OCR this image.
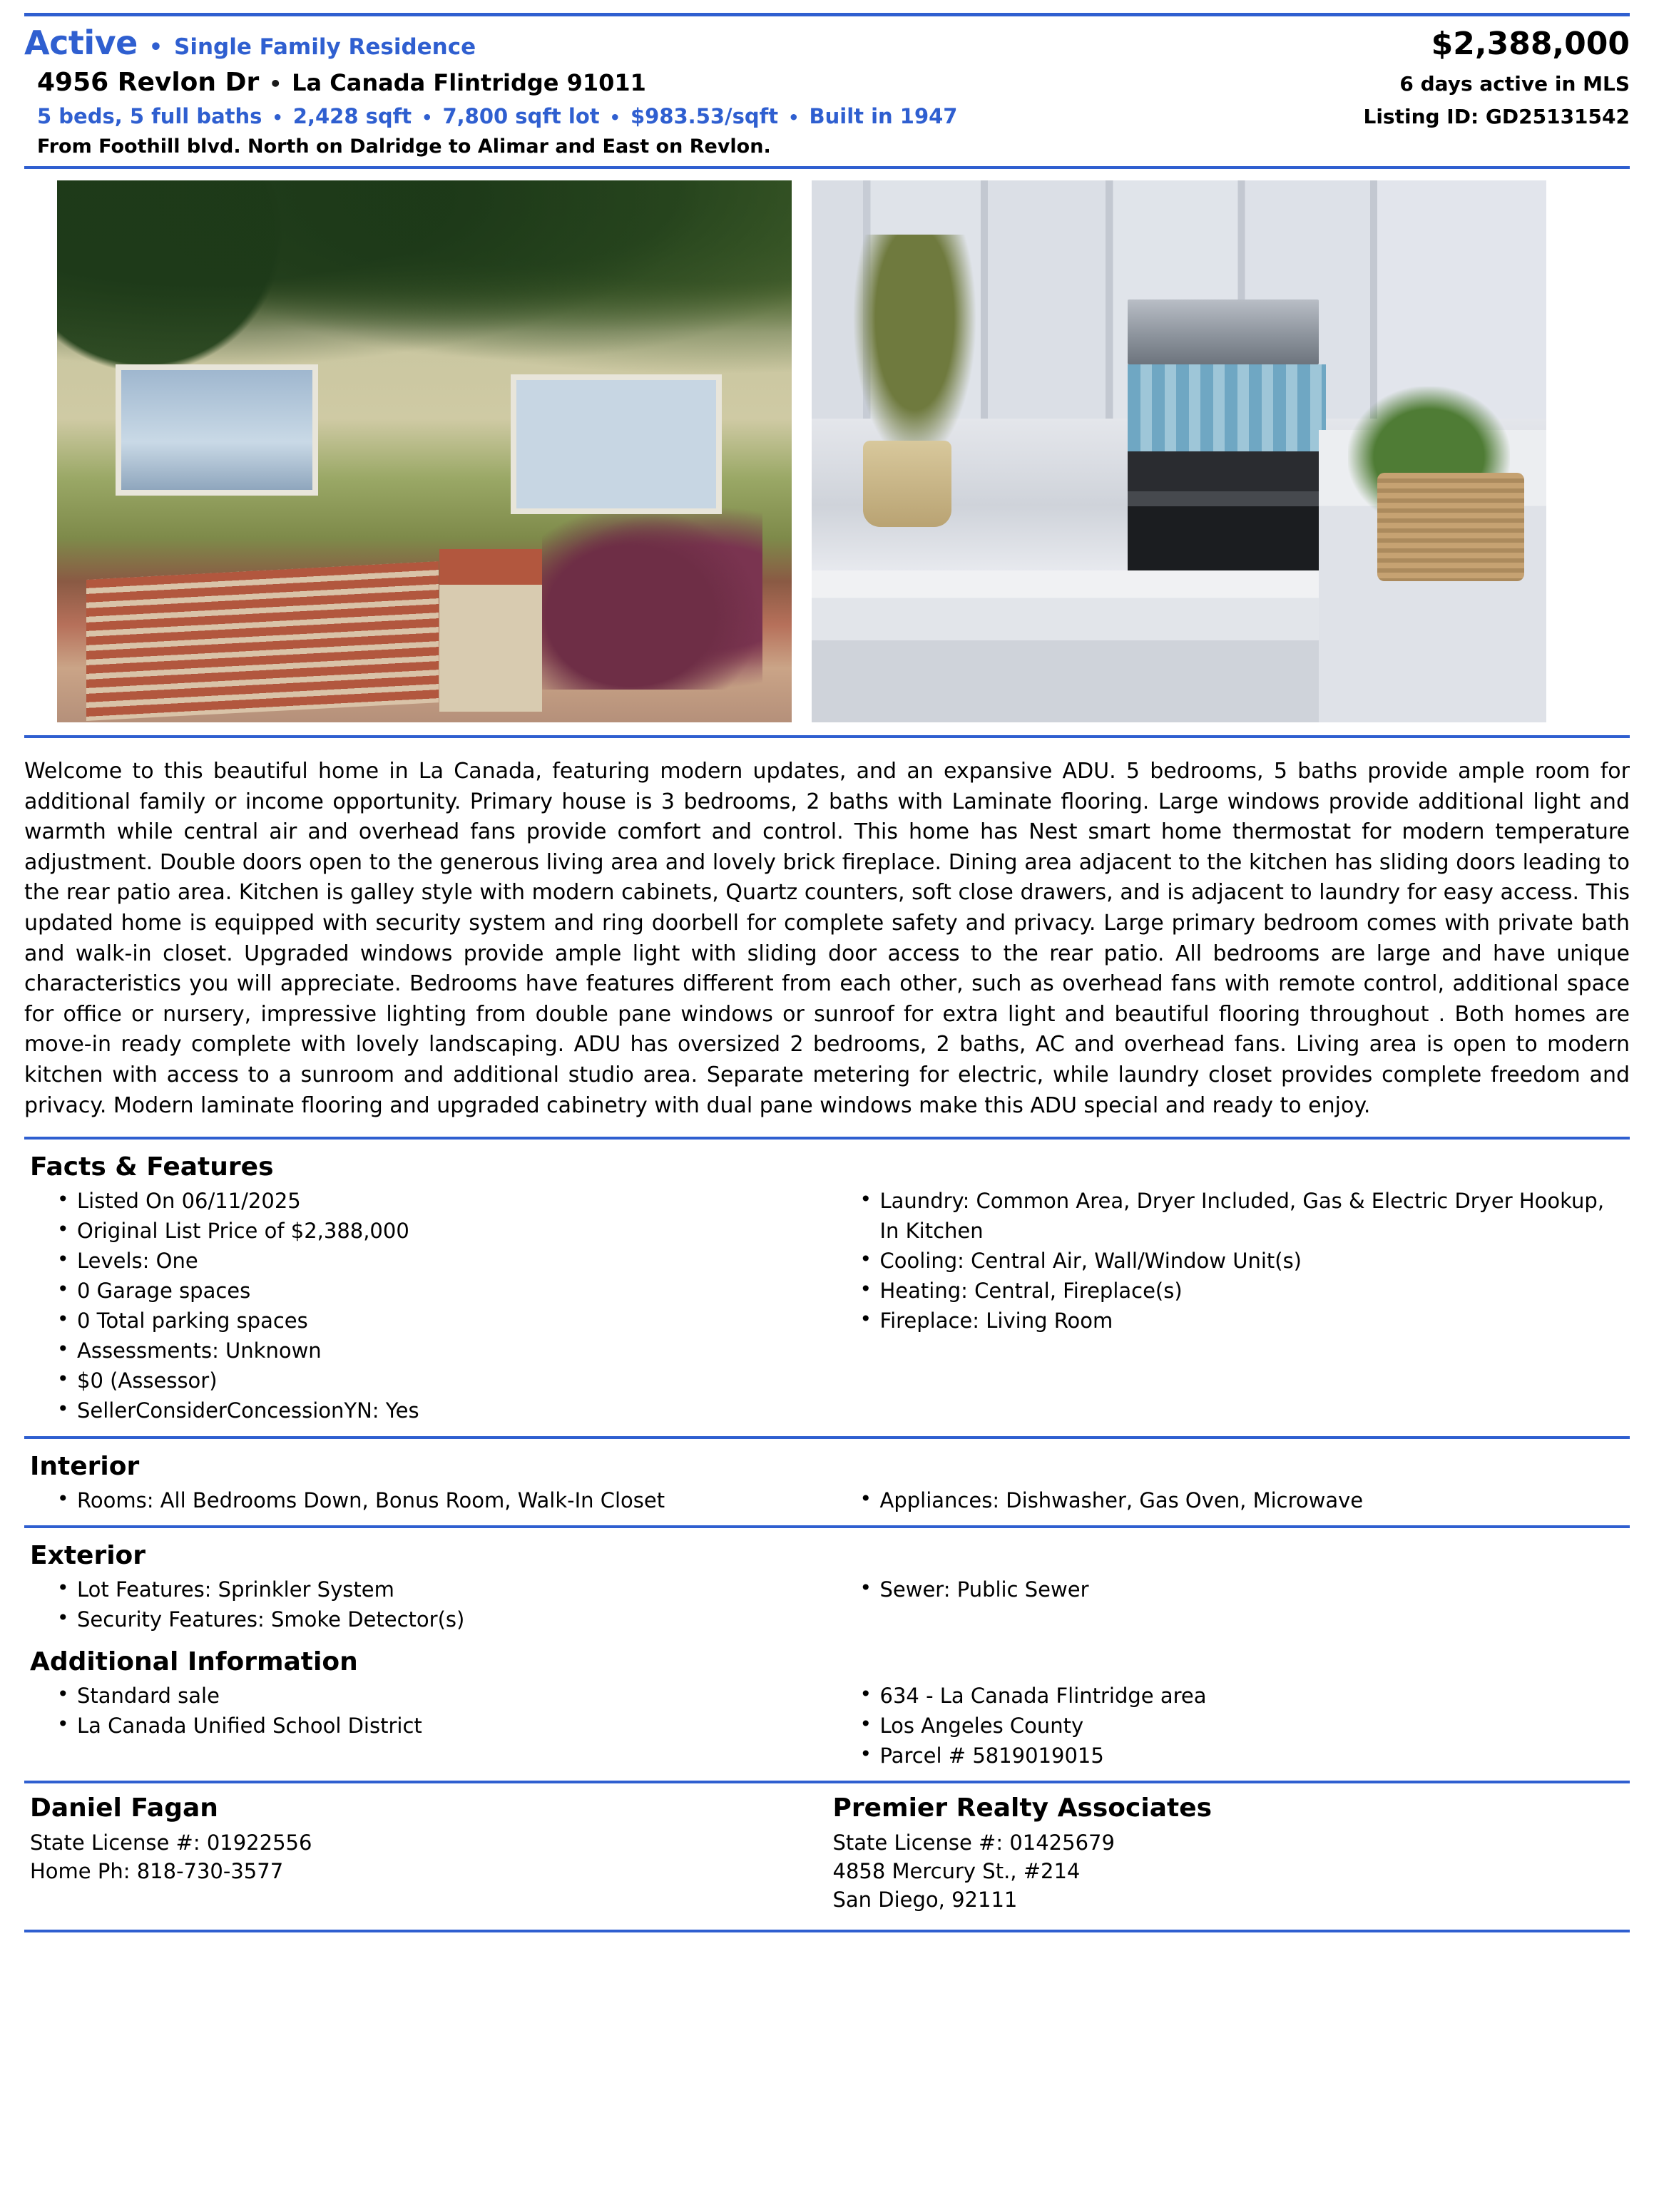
Active • Single Family Residence	$2,388,000
4956 Revlon Dr • La Canada Flintridge 91011	6 days active in MLS
5 beds, 5 full baths • 2,428 sqft • 7,800 sqft lot • $983.53/sqft • Built in 1947	Listing ID: GD25131542
From Foothill blvd. North on Dalridge to Alimar and East on Revlon.
Welcome to this beautiful home in La Canada, featuring modern updates, and an expansive ADU. 5 bedrooms, 5 baths provide ample room for additional family or income opportunity. Primary house is 3 bedrooms, 2 baths with Laminate flooring. Large windows provide additional light and warmth while central air and overhead fans provide comfort and control. This home has Nest smart home thermostat for modern temperature adjustment. Double doors open to the generous living area and lovely brick fireplace. Dining area adjacent to the kitchen has sliding doors leading to the rear patio area. Kitchen is galley style with modern cabinets, Quartz counters, soft close drawers, and is adjacent to laundry for easy access. This updated home is equipped with security system and ring doorbell for complete safety and privacy. Large primary bedroom comes with private bath and walk-in closet. Upgraded windows provide ample light with sliding door access to the rear patio. All bedrooms are large and have unique characteristics you will appreciate. Bedrooms have features different from each other, such as overhead fans with remote control, additional space for office or nursery, impressive lighting from double pane windows or sunroof for extra light and beautiful flooring throughout . Both homes are move-in ready complete with lovely landscaping. ADU has oversized 2 bedrooms, 2 baths, AC and overhead fans. Living area is open to modern kitchen with access to a sunroom and additional studio area. Separate metering for electric, while laundry closet provides complete freedom and privacy. Modern laminate flooring and upgraded cabinetry with dual pane windows make this ADU special and ready to enjoy.
Facts & Features
• Listed On 06/11/2025
• Original List Price of $2,388,000
• Levels: One
• 0 Garage spaces
• 0 Total parking spaces
• Assessments: Unknown
• $0 (Assessor)
• SellerConsiderConcessionYN: Yes
• Laundry: Common Area, Dryer Included, Gas & Electric Dryer Hookup, In Kitchen
• Cooling: Central Air, Wall/Window Unit(s)
• Heating: Central, Fireplace(s)
• Fireplace: Living Room
Interior
• Rooms: All Bedrooms Down, Bonus Room, Walk-In Closet	• Appliances: Dishwasher, Gas Oven, Microwave
Exterior
• Lot Features: Sprinkler System
• Security Features: Smoke Detector(s)
• Sewer: Public Sewer
Additional Information
• Standard sale
• La Canada Unified School District
• 634 - La Canada Flintridge area
• Los Angeles County
• Parcel # 5819019015
Daniel Fagan
State License #: 01922556
Home Ph: 818-730-3577
Premier Realty Associates
State License #: 01425679
4858 Mercury St., #214
San Diego, 92111
